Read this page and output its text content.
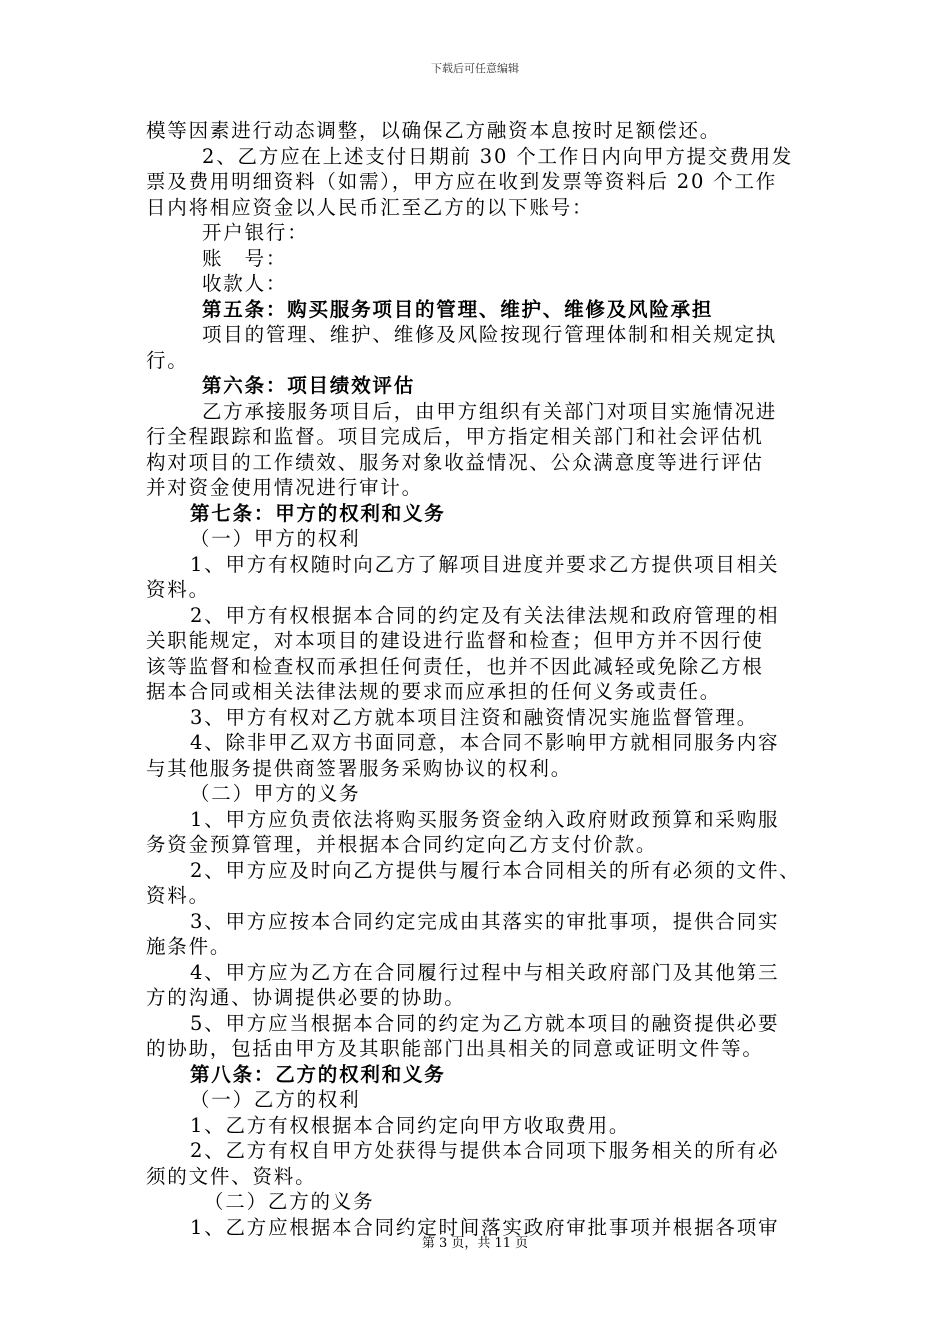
下载后可任意编辑
模等因素进行动态调整，以确保乙方融资本息按时足额偿还。
2、乙方应在上述支付日期前 30 个工作日内向甲方提交费用发
票及费用明细资料（如需），甲方应在收到发票等资料后 20 个工作
日内将相应资金以人民币汇至乙方的以下账号：
开户银行：
账　号：
收款人：
第五条：购买服务项目的管理、维护、维修及风险承担
项目的管理、维护、维修及风险按现行管理体制和相关规定执
行。
第六条：项目绩效评估
乙方承接服务项目后，由甲方组织有关部门对项目实施情况进
行全程跟踪和监督。项目完成后，甲方指定相关部门和社会评估机
构对项目的工作绩效、服务对象收益情况、公众满意度等进行评估
并对资金使用情况进行审计。
第七条：甲方的权利和义务
（一）甲方的权利
1、甲方有权随时向乙方了解项目进度并要求乙方提供项目相关
资料。
2、甲方有权根据本合同的约定及有关法律法规和政府管理的相
关职能规定，对本项目的建设进行监督和检查；但甲方并不因行使
该等监督和检查权而承担任何责任，也并不因此减轻或免除乙方根
据本合同或相关法律法规的要求而应承担的任何义务或责任。
3、甲方有权对乙方就本项目注资和融资情况实施监督管理。
4、除非甲乙双方书面同意，本合同不影响甲方就相同服务内容
与其他服务提供商签署服务采购协议的权利。
（二）甲方的义务
1、甲方应负责依法将购买服务资金纳入政府财政预算和采购服
务资金预算管理，并根据本合同约定向乙方支付价款。
2、甲方应及时向乙方提供与履行本合同相关的所有必须的文件、
资料。
3、甲方应按本合同约定完成由其落实的审批事项，提供合同实
施条件。
4、甲方应为乙方在合同履行过程中与相关政府部门及其他第三
方的沟通、协调提供必要的协助。
5、甲方应当根据本合同的约定为乙方就本项目的融资提供必要
的协助，包括由甲方及其职能部门出具相关的同意或证明文件等。
第八条：乙方的权利和义务
（一）乙方的权利
1、乙方有权根据本合同约定向甲方收取费用。
2、乙方有权自甲方处获得与提供本合同项下服务相关的所有必
须的文件、资料。
（二）乙方的义务
1、乙方应根据本合同约定时间落实政府审批事项并根据各项审
第 3 页，共 11 页
